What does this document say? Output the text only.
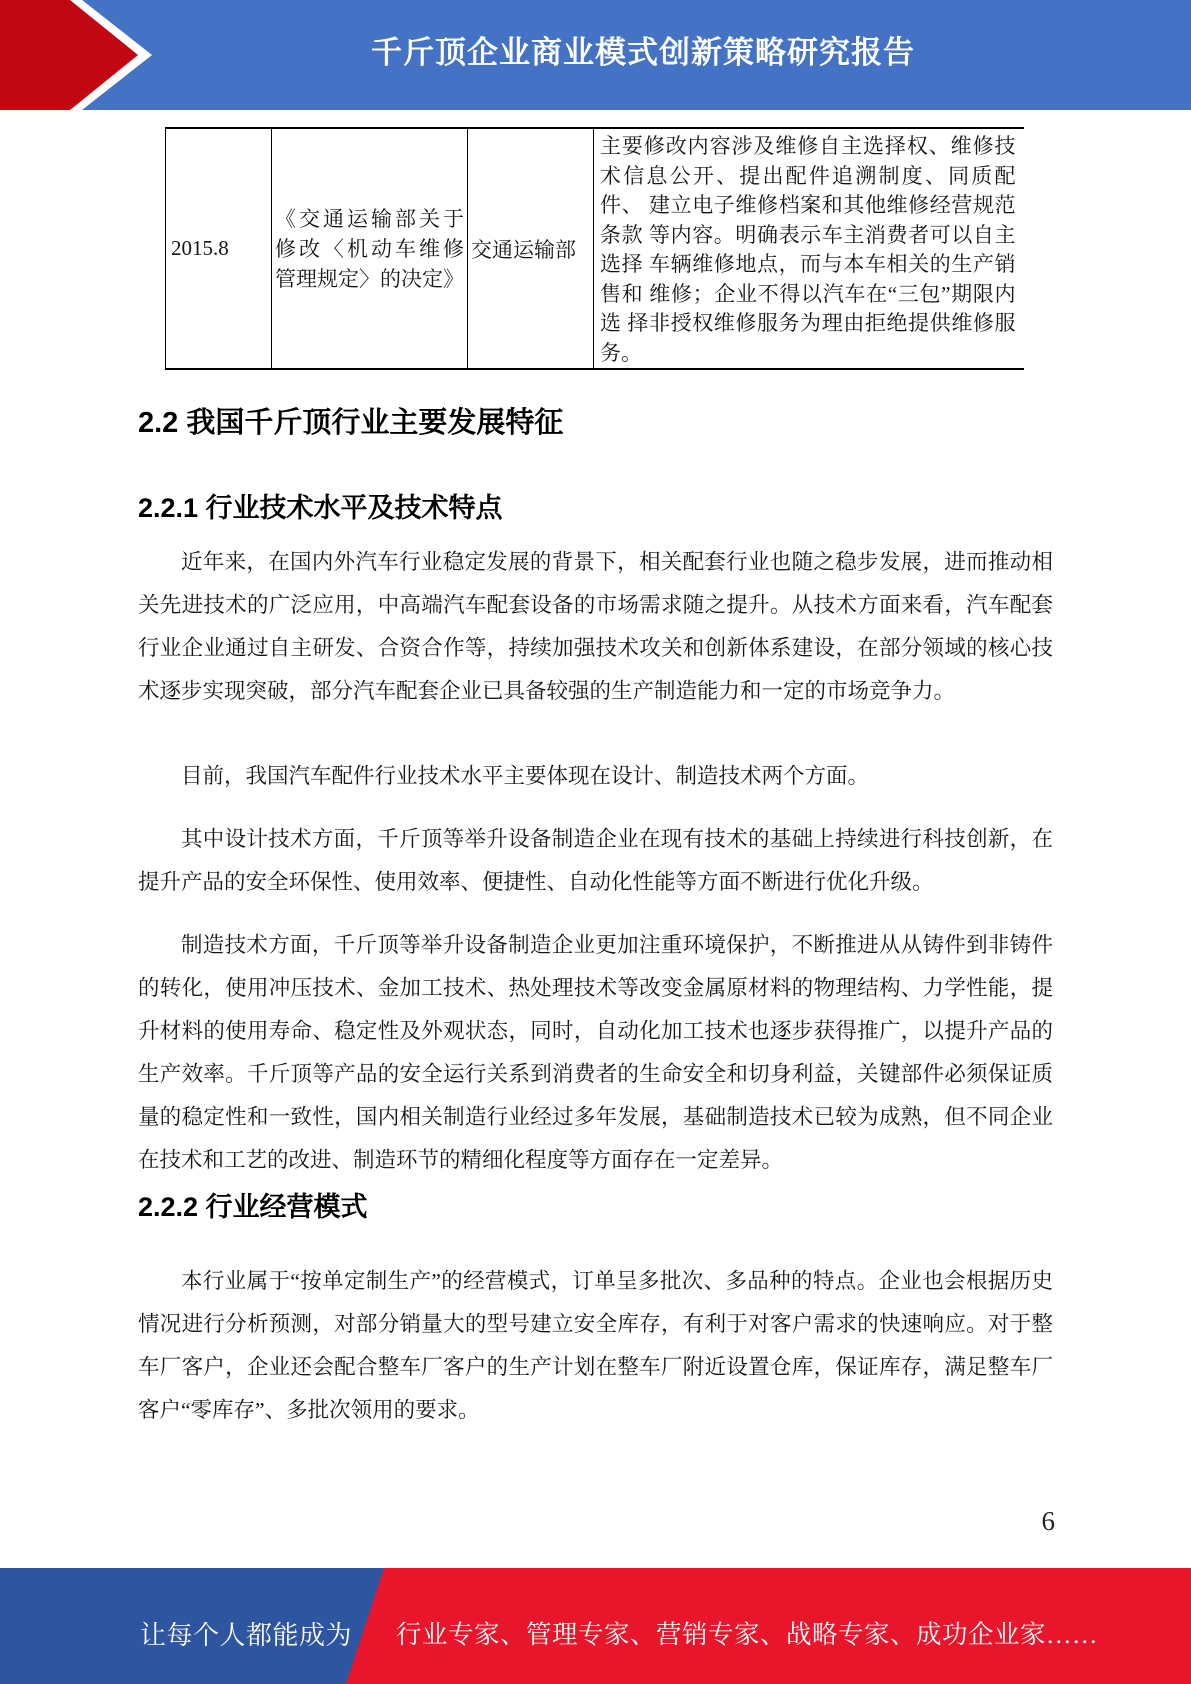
千斤顶企业商业模式创新策略研究报告
2015.8	《交通运输部关于 修改〈机动车维修 管理规定〉的决定》	交通运输部	主要修改内容涉及维修自主选择权、维修技 术信息公开、提出配件追溯制度、同质配件、 建立电子维修档案和其他维修经营规范条款 等内容。明确表示车主消费者可以自主选择 车辆维修地点，而与本车相关的生产销售和 维修；企业不得以汽车在“三包”期限内选 择非授权维修服务为理由拒绝提供维修服 务。
2.2 我国千斤顶行业主要发展特征
2.2.1 行业技术水平及技术特点

近年来，在国内外汽车行业稳定发展的背景下，相关配套行业也随之稳步发展，进而推动相关先进技术的广泛应用，中高端汽车配套设备的市场需求随之提升。从技术方面来看，汽车配套行业企业通过自主研发、合资合作等，持续加强技术攻关和创新体系建设，在部分领域的核心技术逐步实现突破，部分汽车配套企业已具备较强的生产制造能力和一定的市场竞争力。

目前，我国汽车配件行业技术水平主要体现在设计、制造技术两个方面。

其中设计技术方面，千斤顶等举升设备制造企业在现有技术的基础上持续进行科技创新，在提升产品的安全环保性、使用效率、便捷性、自动化性能等方面不断进行优化升级。

制造技术方面，千斤顶等举升设备制造企业更加注重环境保护，不断推进从从铸件到非铸件的转化，使用冲压技术、金加工技术、热处理技术等改变金属原材料的物理结构、力学性能，提升材料的使用寿命、稳定性及外观状态，同时，自动化加工技术也逐步获得推广，以提升产品的生产效率。千斤顶等产品的安全运行关系到消费者的生命安全和切身利益，关键部件必须保证质量的稳定性和一致性，国内相关制造行业经过多年发展，基础制造技术已较为成熟，但不同企业在技术和工艺的改进、制造环节的精细化程度等方面存在一定差异。

2.2.2 行业经营模式

本行业属于“按单定制生产”的经营模式，订单呈多批次、多品种的特点。企业也会根据历史情况进行分析预测，对部分销量大的型号建立安全库存，有利于对客户需求的快速响应。对于整车厂客户，企业还会配合整车厂客户的生产计划在整车厂附近设置仓库，保证库存，满足整车厂客户“零库存”、多批次领用的要求。

6
让每个人都能成为 行业专家、管理专家、营销专家、战略专家、成功企业家……
